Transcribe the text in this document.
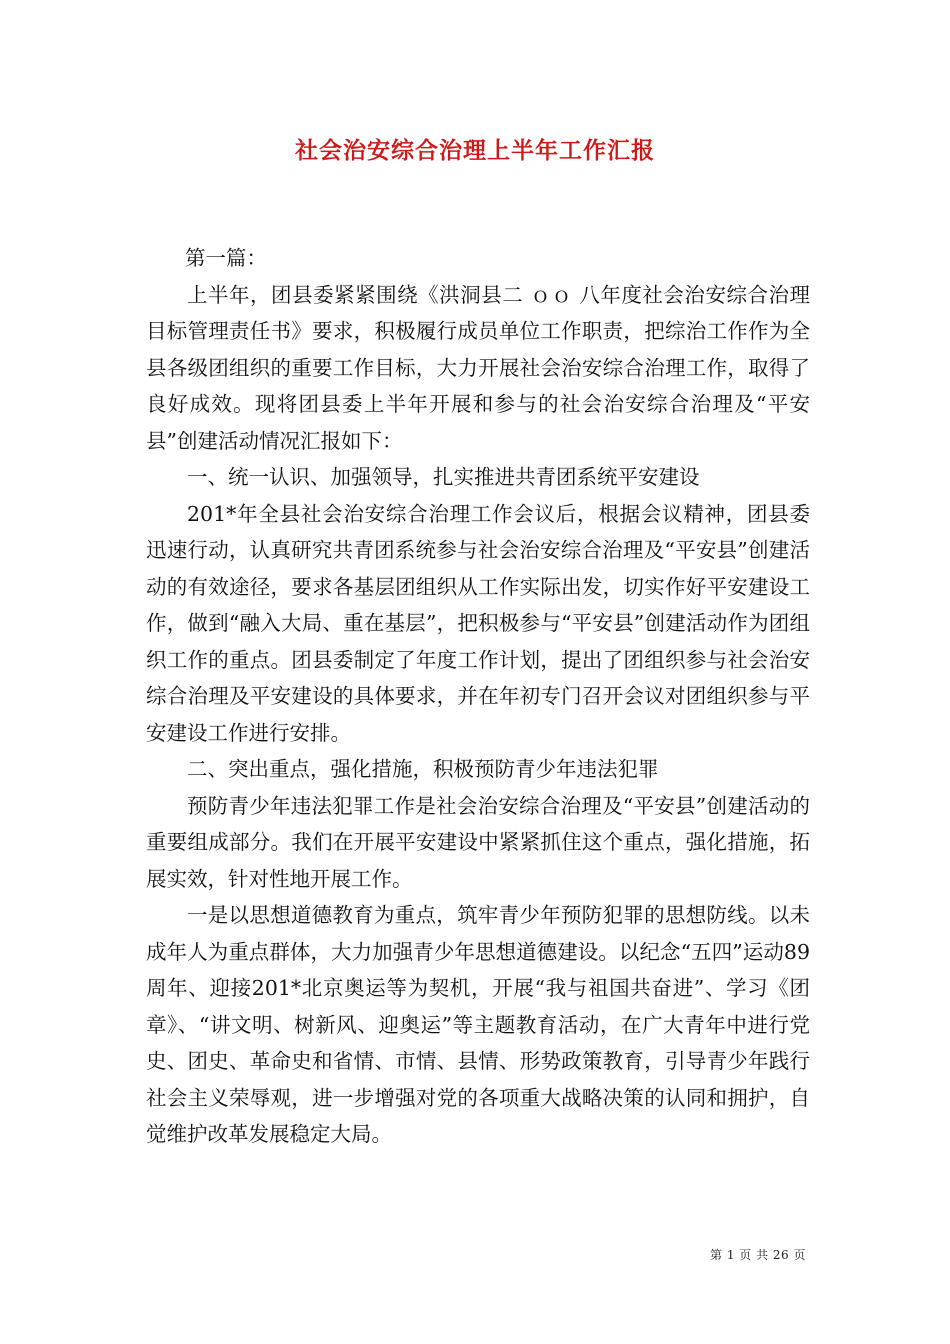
社会治安综合治理上半年工作汇报

第一篇：

上半年，团县委紧紧围绕《洪洞县二 ｏｏ 八年度社会治安综合治理目标管理责任书》要求，积极履行成员单位工作职责，把综治工作作为全县各级团组织的重要工作目标，大力开展社会治安综合治理工作，取得了良好成效。现将团县委上半年开展和参与的社会治安综合治理及“平安县”创建活动情况汇报如下：

一、统一认识、加强领导，扎实推进共青团系统平安建设

201*年全县社会治安综合治理工作会议后，根据会议精神，团县委迅速行动，认真研究共青团系统参与社会治安综合治理及“平安县”创建活动的有效途径，要求各基层团组织从工作实际出发，切实作好平安建设工作，做到“融入大局、重在基层”，把积极参与“平安县”创建活动作为团组织工作的重点。团县委制定了年度工作计划，提出了团组织参与社会治安综合治理及平安建设的具体要求，并在年初专门召开会议对团组织参与平安建设工作进行安排。

二、突出重点，强化措施，积极预防青少年违法犯罪

预防青少年违法犯罪工作是社会治安综合治理及“平安县”创建活动的重要组成部分。我们在开展平安建设中紧紧抓住这个重点，强化措施，拓展实效，针对性地开展工作。

一是以思想道德教育为重点，筑牢青少年预防犯罪的思想防线。以未成年人为重点群体，大力加强青少年思想道德建设。以纪念“五四”运动89周年、迎接201*北京奥运等为契机，开展“我与祖国共奋进”、学习《团章》、“讲文明、树新风、迎奥运”等主题教育活动，在广大青年中进行党史、团史、革命史和省情、市情、县情、形势政策教育，引导青少年践行社会主义荣辱观，进一步增强对党的各项重大战略决策的认同和拥护，自觉维护改革发展稳定大局。

第 1 页 共 26 页
